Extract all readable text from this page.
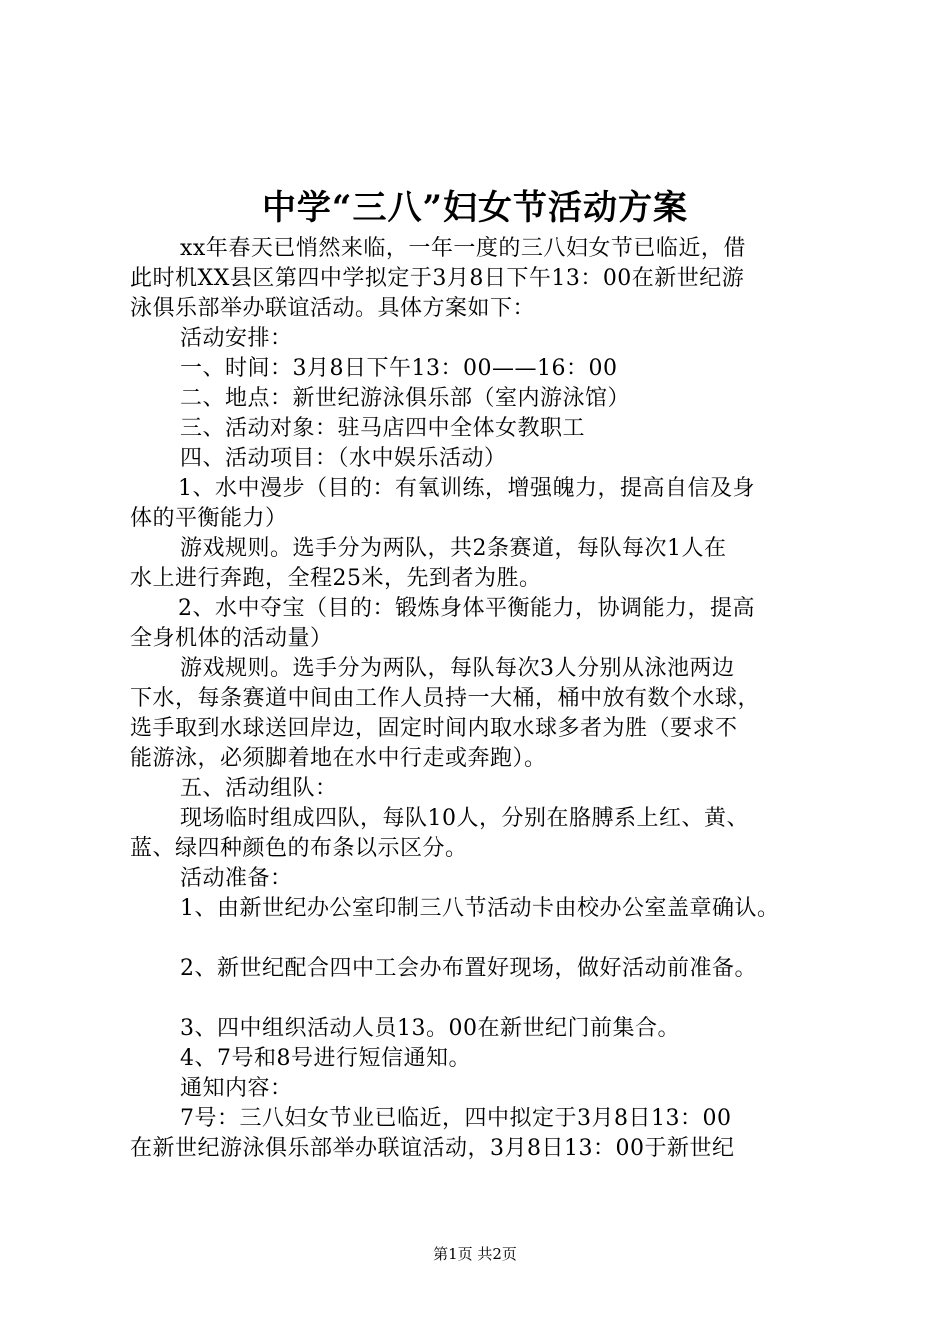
中学“三八”妇女节活动方案
xx年春天已悄然来临，一年一度的三八妇女节已临近，借
此时机XX县区第四中学拟定于3月8日下午13：00在新世纪游
泳俱乐部举办联谊活动。具体方案如下：
活动安排：
一、时间：3月8日下午13：00——16：00
二、地点：新世纪游泳俱乐部（室内游泳馆）
三、活动对象：驻马店四中全体女教职工
四、活动项目：（水中娱乐活动）
1、水中漫步（目的：有氧训练，增强魄力，提高自信及身
体的平衡能力）
游戏规则。选手分为两队，共2条赛道，每队每次1人在
水上进行奔跑，全程25米，先到者为胜。
2、水中夺宝（目的：锻炼身体平衡能力，协调能力，提高
全身机体的活动量）
游戏规则。选手分为两队，每队每次3人分别从泳池两边
下水，每条赛道中间由工作人员持一大桶，桶中放有数个水球，
选手取到水球送回岸边，固定时间内取水球多者为胜（要求不
能游泳，必须脚着地在水中行走或奔跑）。
五、活动组队：
现场临时组成四队，每队10人，分别在胳膊系上红、黄、
蓝、绿四种颜色的布条以示区分。
活动准备：
1、由新世纪办公室印制三八节活动卡由校办公室盖章确认。
2、新世纪配合四中工会办布置好现场，做好活动前准备。
3、四中组织活动人员13。00在新世纪门前集合。
4、7号和8号进行短信通知。
通知内容：
7号：三八妇女节业已临近，四中拟定于3月8日13：00
在新世纪游泳俱乐部举办联谊活动，3月8日13：00于新世纪
第1页 共2页
